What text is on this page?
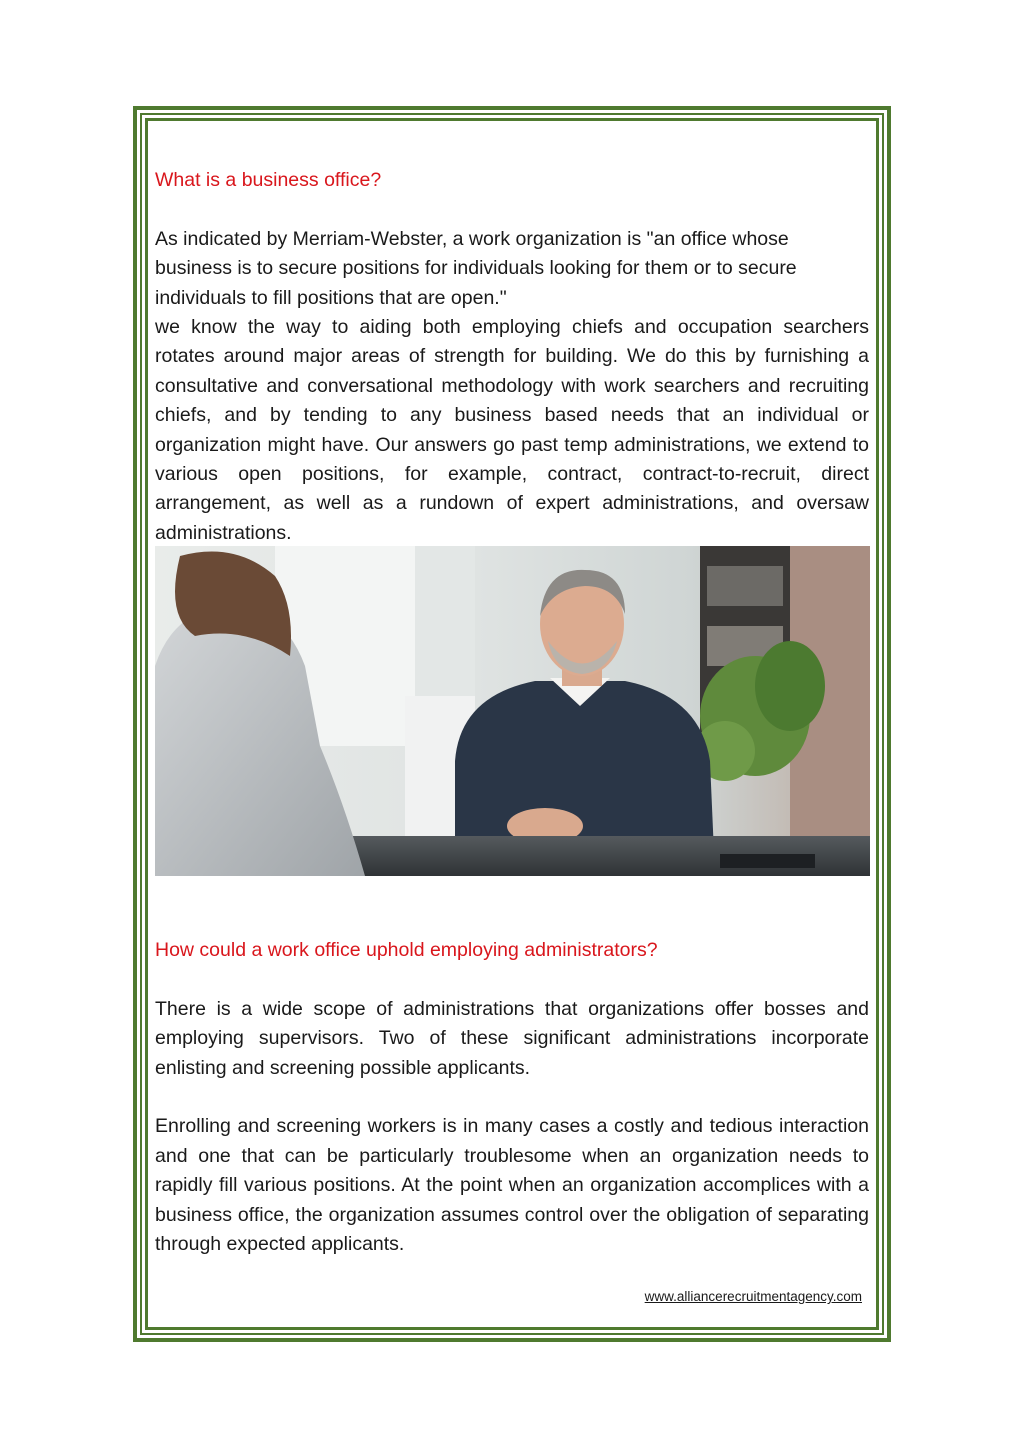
What is a business office?

As indicated by Merriam-Webster, a work organization is "an office whose business is to secure positions for individuals looking for them or to secure individuals to fill positions that are open."

we know the way to aiding both employing chiefs and occupation searchers rotates around major areas of strength for building. We do this by furnishing a consultative and conversational methodology with work searchers and recruiting chiefs, and by tending to any business based needs that an individual or organization might have. Our answers go past temp administrations, we extend to various open positions, for example, contract, contract-to-recruit, direct arrangement, as well as a rundown of expert administrations, and oversaw administrations.

How could a work office uphold employing administrators?

There is a wide scope of administrations that organizations offer bosses and employing supervisors. Two of these significant administrations incorporate enlisting and screening possible applicants.

Enrolling and screening workers is in many cases a costly and tedious interaction and one that can be particularly troublesome when an organization needs to rapidly fill various positions. At the point when an organization accomplices with a business office, the organization assumes control over the obligation of separating through expected applicants.

www.alliancerecruitmentagency.com
